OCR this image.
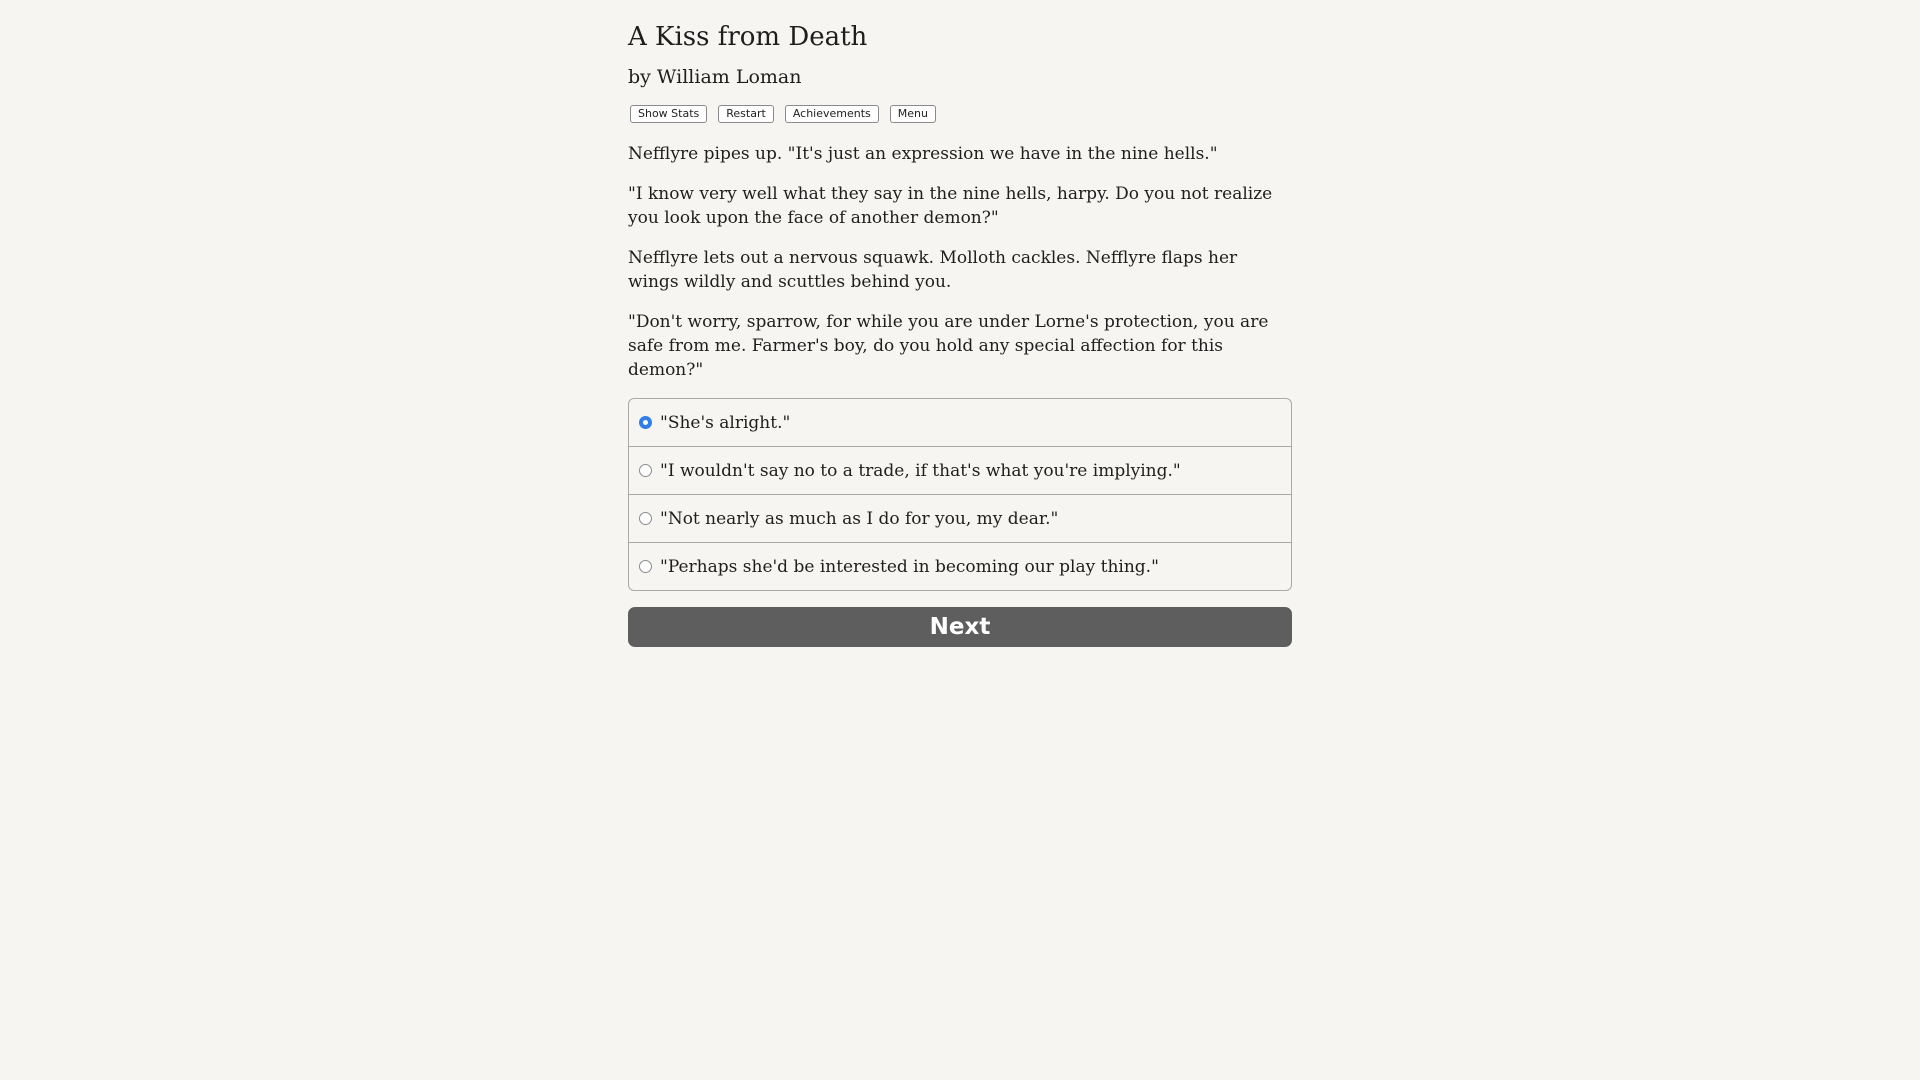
A Kiss from Death
by William Loman
Show Stats	Restart	Achievements	Menu

Nefflyre pipes up. "It's just an expression we have in the nine hells."

"I know very well what they say in the nine hells, harpy. Do you not realize you look upon the face of another demon?"

Nefflyre lets out a nervous squawk. Molloth cackles. Nefflyre flaps her wings wildly and scuttles behind you.

"Don't worry, sparrow, for while you are under Lorne's protection, you are safe from me. Farmer's boy, do you hold any special affection for this demon?"

"She's alright."
"I wouldn't say no to a trade, if that's what you're implying."
"Not nearly as much as I do for you, my dear."
"Perhaps she'd be interested in becoming our play thing."
Next
